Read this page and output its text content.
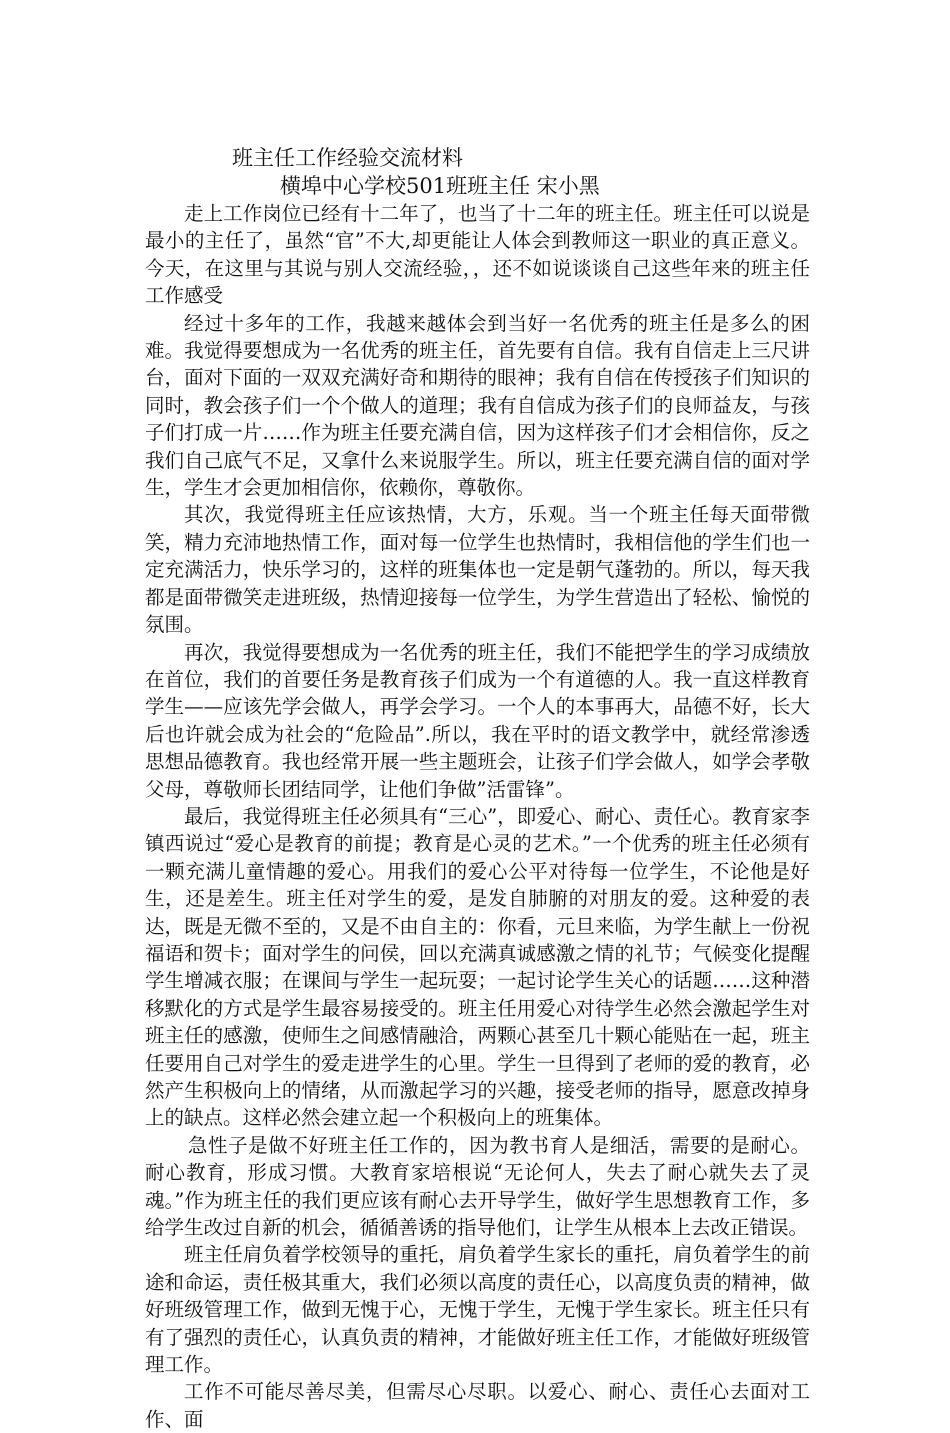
班主任工作经验交流材料
横埠中心学校501班班主任 宋小黑

走上工作岗位已经有十二年了，也当了十二年的班主任。班主任可以说是最小的主任了，虽然“官”不大,却更能让人体会到教师这一职业的真正意义。今天，在这里与其说与别人交流经验，，还不如说谈谈自己这些年来的班主任工作感受

经过十多年的工作，我越来越体会到当好一名优秀的班主任是多么的困难。我觉得要想成为一名优秀的班主任，首先要有自信。我有自信走上三尺讲台，面对下面的一双双充满好奇和期待的眼神；我有自信在传授孩子们知识的同时，教会孩子们一个个做人的道理；我有自信成为孩子们的良师益友，与孩子们打成一片……作为班主任要充满自信，因为这样孩子们才会相信你，反之我们自己底气不足，又拿什么来说服学生。所以，班主任要充满自信的面对学生，学生才会更加相信你，依赖你，尊敬你。

其次，我觉得班主任应该热情，大方，乐观。当一个班主任每天面带微笑，精力充沛地热情工作，面对每一位学生也热情时，我相信他的学生们也一定充满活力，快乐学习的，这样的班集体也一定是朝气蓬勃的。所以，每天我都是面带微笑走进班级，热情迎接每一位学生，为学生营造出了轻松、愉悦的氛围。

再次，我觉得要想成为一名优秀的班主任，我们不能把学生的学习成绩放在首位，我们的首要任务是教育孩子们成为一个有道德的人。我一直这样教育学生——应该先学会做人，再学会学习。一个人的本事再大，品德不好，长大后也许就会成为社会的“危险品”.所以，我在平时的语文教学中，就经常渗透思想品德教育。我也经常开展一些主题班会，让孩子们学会做人，如学会孝敬父母，尊敬师长团结同学，让他们争做”活雷锋”。

最后，我觉得班主任必须具有“三心”，即爱心、耐心、责任心。教育家李镇西说过“爱心是教育的前提；教育是心灵的艺术。”一个优秀的班主任必须有一颗充满儿童情趣的爱心。用我们的爱心公平对待每一位学生，不论他是好生，还是差生。班主任对学生的爱，是发自肺腑的对朋友的爱。这种爱的表达，既是无微不至的，又是不由自主的：你看，元旦来临，为学生献上一份祝福语和贺卡；面对学生的问侯，回以充满真诚感激之情的礼节；气候变化提醒学生增减衣服；在课间与学生一起玩耍；一起讨论学生关心的话题……这种潜移默化的方式是学生最容易接受的。班主任用爱心对待学生必然会激起学生对班主任的感激，使师生之间感情融洽，两颗心甚至几十颗心能贴在一起，班主任要用自己对学生的爱走进学生的心里。学生一旦得到了老师的爱的教育，必然产生积极向上的情绪，从而激起学习的兴趣，接受老师的指导，愿意改掉身上的缺点。这样必然会建立起一个积极向上的班集体。

急性子是做不好班主任工作的，因为教书育人是细活，需要的是耐心。耐心教育，形成习惯。大教育家培根说“无论何人，失去了耐心就失去了灵魂。”作为班主任的我们更应该有耐心去开导学生，做好学生思想教育工作，多给学生改过自新的机会，循循善诱的指导他们，让学生从根本上去改正错误。

班主任肩负着学校领导的重托，肩负着学生家长的重托，肩负着学生的前途和命运，责任极其重大，我们必须以高度的责任心，以高度负责的精神，做好班级管理工作，做到无愧于心，无愧于学生，无愧于学生家长。班主任只有有了强烈的责任心，认真负责的精神，才能做好班主任工作，才能做好班级管理工作。

工作不可能尽善尽美，但需尽心尽职。以爱心、耐心、责任心去面对工作、面
